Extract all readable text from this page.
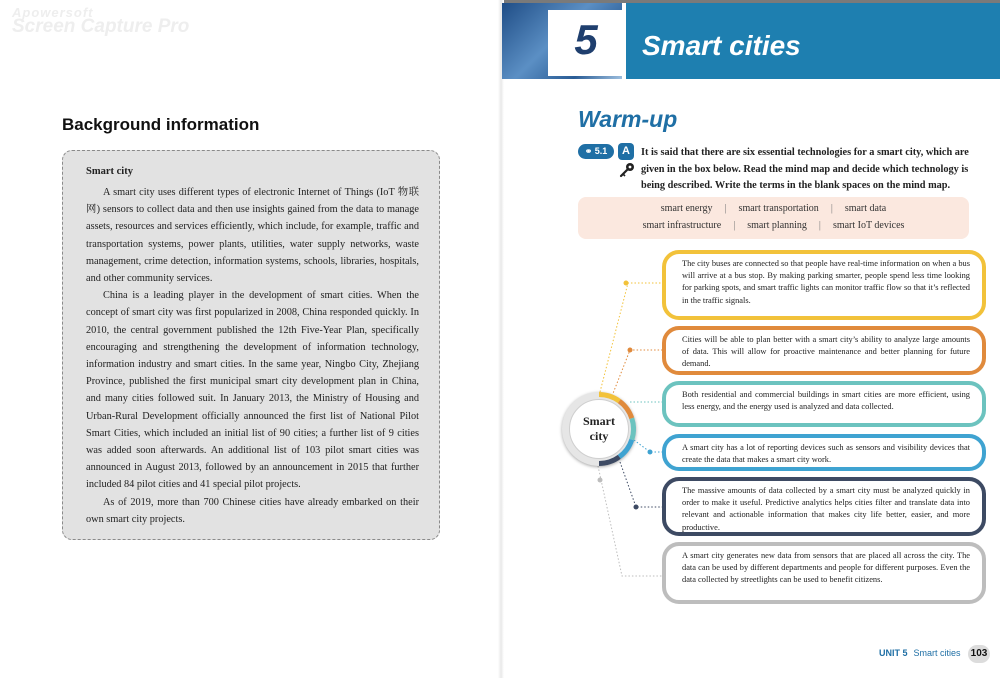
Apowersoft
Screen Capture Pro
Background information
Smart city

A smart city uses different types of electronic Internet of Things (IoT 物联网) sensors to collect data and then use insights gained from the data to manage assets, resources and services efficiently, which include, for example, traffic and transportation systems, power plants, utilities, water supply networks, waste management, crime detection, information systems, schools, libraries, hospitals, and other community services.

China is a leading player in the development of smart cities. When the concept of smart city was first popularized in 2008, China responded quickly. In 2010, the central government published the 12th Five-Year Plan, specifically encouraging and strengthening the development of information technology, information industry and smart cities. In the same year, Ningbo City, Zhejiang Province, published the first municipal smart city development plan in China, and many cities followed suit. In January 2013, the Ministry of Housing and Urban-Rural Development officially announced the first list of National Pilot Smart Cities, which included an initial list of 90 cities; a further list of 9 cities was added soon afterwards. An additional list of 103 pilot smart cities was announced in August 2013, followed by an announcement in 2015 that further included 84 pilot cities and 41 special pilot projects.

As of 2019, more than 700 Chinese cities have already embarked on their own smart city projects.

5	Smart cities
Warm-up
⚭ 5.1	A	It is said that there are six essential technologies for a smart city, which are given in the box below. Read the mind map and decide which technology is being described. Write the terms in the blank spaces on the mind map.
smart energy | smart transportation | smart data
smart infrastructure | smart planning | smart IoT devices
Smart
city

The city buses are connected so that people have real-time information on when a bus will arrive at a bus stop. By making parking smarter, people spend less time looking for parking spots, and smart traffic lights can monitor traffic flow so that it’s reflected in the traffic signals.

Cities will be able to plan better with a smart city’s ability to analyze large amounts of data. This will allow for proactive maintenance and better planning for future demand.

Both residential and commercial buildings in smart cities are more efficient, using less energy, and the energy used is analyzed and data collected.

A smart city has a lot of reporting devices such as sensors and visibility devices that create the data that makes a smart city work.

The massive amounts of data collected by a smart city must be analyzed quickly in order to make it useful. Predictive analytics helps cities filter and translate data into relevant and actionable information that makes city life better, easier, and more productive.

A smart city generates new data from sensors that are placed all across the city. The data can be used by different departments and people for different purposes. Even the data collected by streetlights can be used to benefit citizens.

UNIT 5 Smart cities 103
